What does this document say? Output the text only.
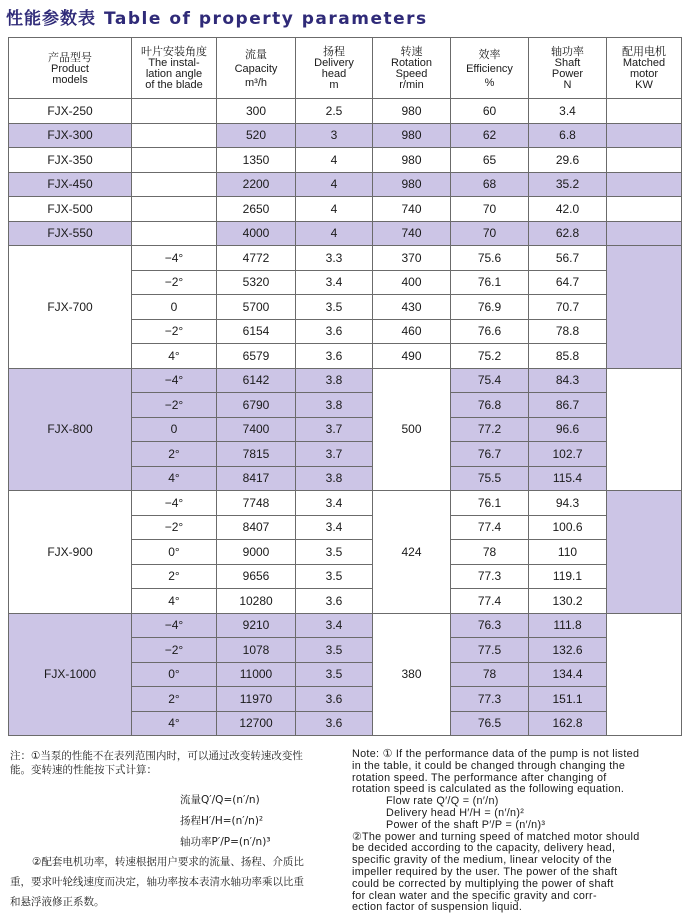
性能参数表 Table of property parameters
产品型号
Product
models	叶片安装角度
The instal-
lation angle
of the blade	流量
Capacity
m³/h	扬程
Delivery
head
m	转速
Rotation
Speed
r/min	效率
Efficiency
%	轴功率
Shaft
Power
N	配用电机
Matched
motor
KW

FJX-250		300	2.5	980	60	3.4	
FJX-300		520	3	980	62	6.8	
FJX-350		1350	4	980	65	29.6	
FJX-450		2200	4	980	68	35.2	
FJX-500		2650	4	740	70	42.0	
FJX-550		4000	4	740	70	62.8	
FJX-700	−4°	4772	3.3	370	75.6	56.7	
	−2°	5320	3.4	400	76.1	64.7	
	0	5700	3.5	430	76.9	70.7	
	−2°	6154	3.6	460	76.6	78.8	
	4°	6579	3.6	490	75.2	85.8	
FJX-800	−4°	6142	3.8	500	75.4	84.3	
	−2°	6790	3.8		76.8	86.7	
	0	7400	3.7		77.2	96.6	
	2°	7815	3.7		76.7	102.7	
	4°	8417	3.8		75.5	115.4	
FJX-900	−4°	7748	3.4	424	76.1	94.3	
	−2°	8407	3.4		77.4	100.6	
	0°	9000	3.5		78	110	
	2°	9656	3.5		77.3	119.1	
	4°	10280	3.6		77.4	130.2	
FJX-1000	−4°	9210	3.4	380	76.3	111.8	
	−2°	1078	3.5		77.5	132.6	
	0°	11000	3.5		78	134.4	
	2°	11970	3.6		77.3	151.1	
	4°	12700	3.6		76.5	162.8	

注：①当泵的性能不在表列范围内时，可以通过改变转速改变性

能。变转速的性能按下式计算：

流量Q′/Q=(n′/n)

扬程H′/H=(n′/n)²

轴功率P′/P=(n′/n)³

②配套电机功率，转速根据用户要求的流量、扬程、介质比

重，要求叶轮线速度而决定，轴功率按本表清水轴功率乘以比重

和悬浮液修正系数。

Note: ① If the performance data of the pump is not listed

in the table, it could be changed through changing the

rotation speed. The performance after changing of

rotation speed is calculated as the following equation.

Flow rate Q′/Q = (n′/n)

Delivery head H′/H = (n′/n)²

Power of the shaft P′/P = (n′/n)³

②The power and turning speed of matched motor should

be decided according to the capacity, delivery head,

specific gravity of the medium, linear velocity of the

impeller required by the user. The power of the shaft

could be corrected by multiplying the power of shaft

for clean water and the specific gravity and corr-

ection factor of suspension liquid.
